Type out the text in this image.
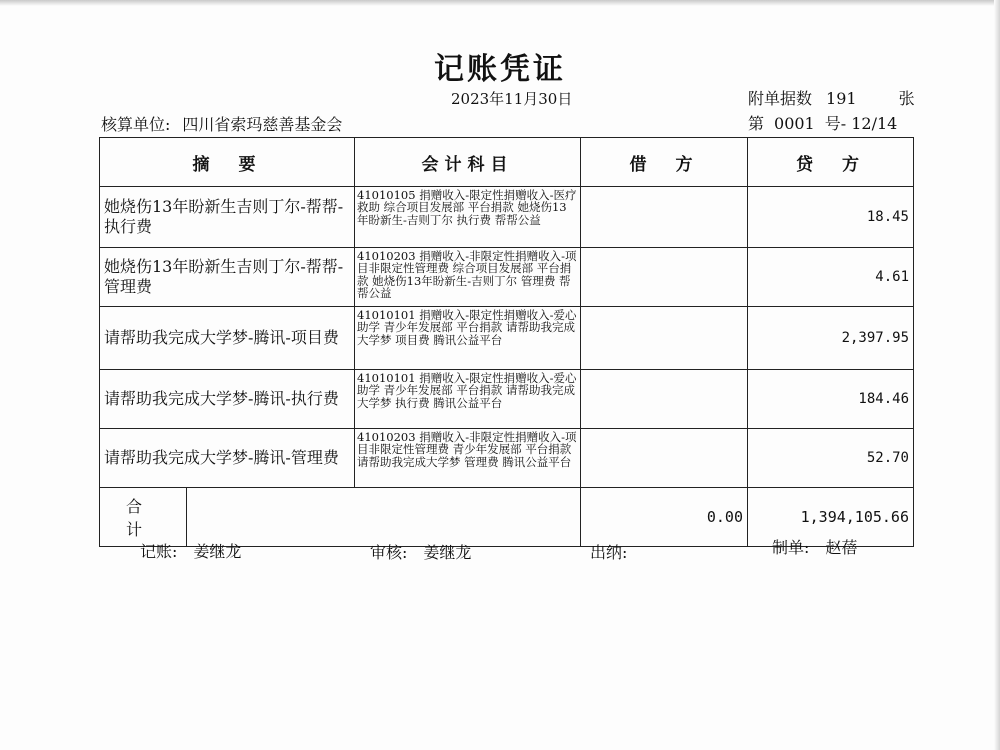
记账凭证
2023年11月30日	附单据数 191	张
第 0001 号- 12/14
核算单位: 四川省索玛慈善基金会
摘　要	会计科目	借　方	贷　方
她烧伤13年盼新生吉则丁尔-帮帮-执行费	41010105 捐赠收入-限定性捐赠收入-医疗救助 综合项目发展部 平台捐款 她烧伤13年盼新生-吉则丁尔 执行费 帮帮公益		18.45
她烧伤13年盼新生吉则丁尔-帮帮-管理费	41010203 捐赠收入-非限定性捐赠收入-项目非限定性管理费 综合项目发展部 平台捐款 她烧伤13年盼新生-吉则丁尔 管理费 帮帮公益		4.61
请帮助我完成大学梦-腾讯-项目费	41010101 捐赠收入-限定性捐赠收入-爱心助学 青少年发展部 平台捐款 请帮助我完成大学梦 项目费 腾讯公益平台		2,397.95
请帮助我完成大学梦-腾讯-执行费	41010101 捐赠收入-限定性捐赠收入-爱心助学 青少年发展部 平台捐款 请帮助我完成大学梦 执行费 腾讯公益平台		184.46
请帮助我完成大学梦-腾讯-管理费	41010203 捐赠收入-非限定性捐赠收入-项目非限定性管理费 青少年发展部 平台捐款 请帮助我完成大学梦 管理费 腾讯公益平台		52.70

合　计		0.00	1,394,105.66
记账:　姜继龙	审核:　姜继龙	出纳:	制单:　赵蓓
